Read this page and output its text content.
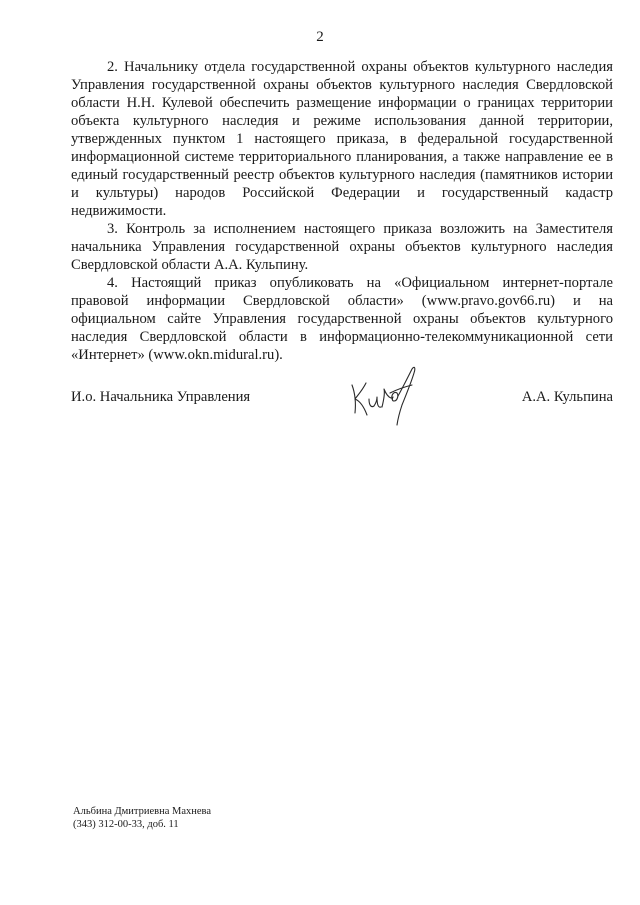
2

2. Начальнику отдела государственной охраны объектов культурного наследия Управления государственной охраны объектов культурного наследия Свердловской области Н.Н. Кулевой обеспечить размещение информации о границах территории объекта культурного наследия и режиме использования данной территории, утвержденных пунктом 1 настоящего приказа, в федеральной государственной информационной системе территориального планирования, а также направление ее в единый государственный реестр объектов культурного наследия (памятников истории и культуры) народов Российской Федерации и государственный кадастр недвижимости.

3. Контроль за исполнением настоящего приказа возложить на Заместителя начальника Управления государственной охраны объектов культурного наследия Свердловской области А.А. Кульпину.

4. Настоящий приказ опубликовать на «Официальном интернет-портале правовой информации Свердловской области» (www.pravo.gov66.ru) и на официальном сайте Управления государственной охраны объектов культурного наследия Свердловской области в информационно-телекоммуникационной сети «Интернет» (www.okn.midural.ru).

И.о. Начальника Управления	А.А. Кульпина
Альбина Дмитриевна Махнева
(343) 312-00-33, доб. 11
